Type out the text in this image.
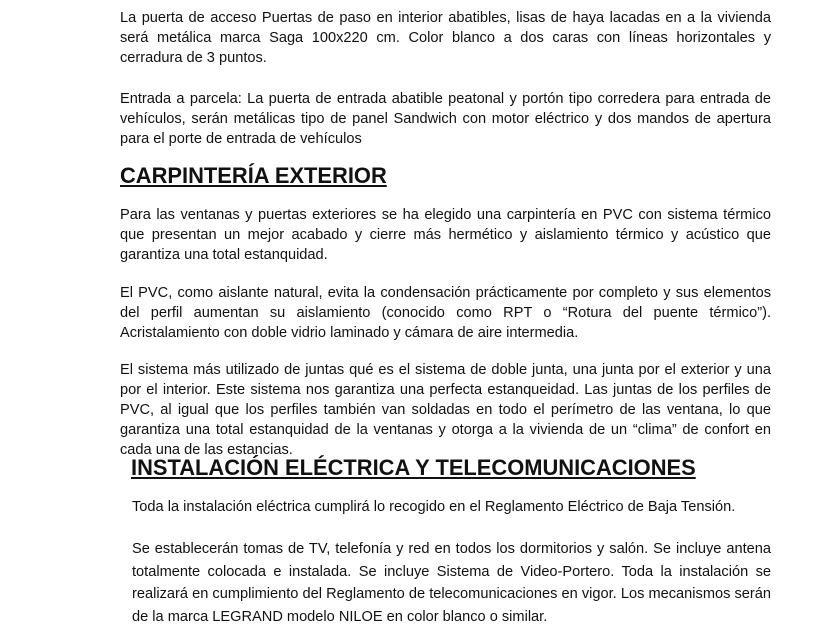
La puerta de acceso Puertas de paso en interior abatibles, lisas de haya lacadas en a la vivienda será metálica marca Saga 100x220 cm. Color blanco a dos caras con líneas horizontales y cerradura de 3 puntos.

Entrada a parcela: La puerta de entrada abatible peatonal y portón tipo corredera para entrada de vehículos, serán metálicas tipo de panel Sandwich con motor eléctrico y dos mandos de apertura para el porte de entrada de vehículos

CARPINTERÍA EXTERIOR

Para las ventanas y puertas exteriores se ha elegido una carpintería en PVC con sistema térmico que presentan un mejor acabado y cierre más hermético y aislamiento térmico y acústico que garantiza una total estanquidad.

El PVC, como aislante natural, evita la condensación prácticamente por completo y sus elementos del perfil aumentan su aislamiento (conocido como RPT o “Rotura del puente térmico”). Acristalamiento con doble vidrio laminado y cámara de aire intermedia.

El sistema más utilizado de juntas qué es el sistema de doble junta, una junta por el exterior y una por el interior. Este sistema nos garantiza una perfecta estanqueidad. Las juntas de los perfiles de PVC, al igual que los perfiles también van soldadas en todo el perímetro de las ventana, lo que garantiza una total estanquidad de la ventanas y otorga a la vivienda de un “clima” de confort en cada una de las estancias.

INSTALACIÓN ELÉCTRICA Y TELECOMUNICACIONES

Toda la instalación eléctrica cumplirá lo recogido en el Reglamento Eléctrico de Baja Tensión.

Se establecerán tomas de TV, telefonía y red en todos los dormitorios y salón. Se incluye antena totalmente colocada e instalada. Se incluye Sistema de Video-Portero. Toda la instalación se realizará en cumplimiento del Reglamento de telecomunicaciones en vigor. Los mecanismos serán de la marca LEGRAND modelo NILOE en color blanco o similar.
